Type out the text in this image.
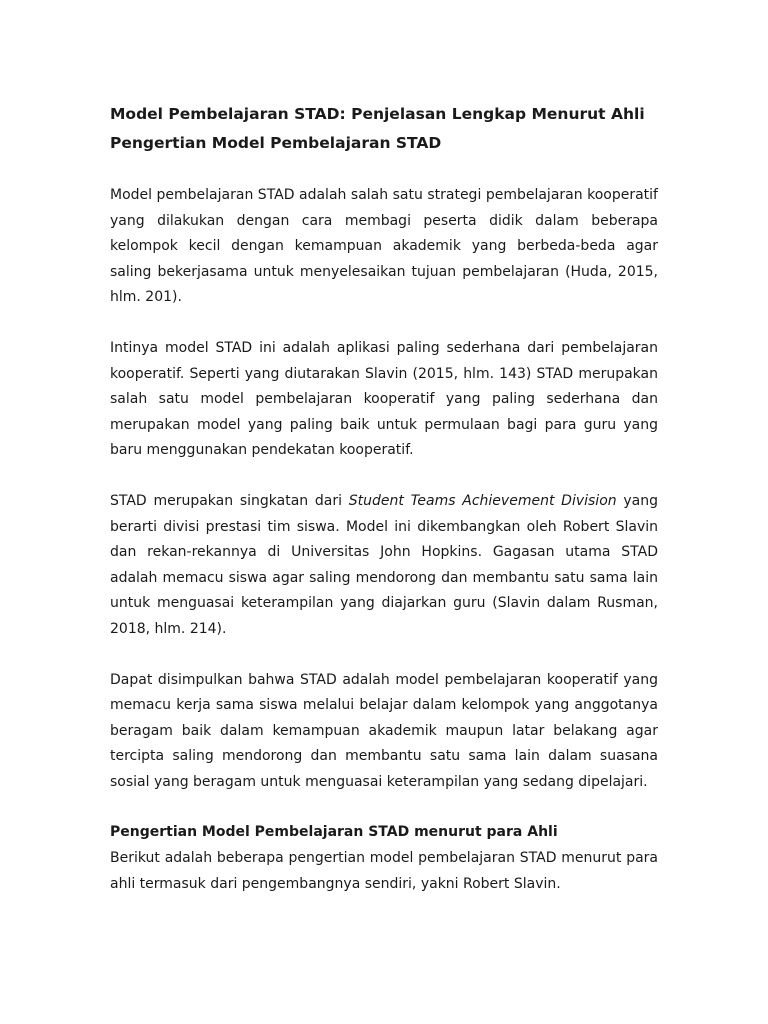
Model Pembelajaran STAD: Penjelasan Lengkap Menurut Ahli
Pengertian Model Pembelajaran STAD

Model pembelajaran STAD adalah salah satu strategi pembelajaran kooperatif yang dilakukan dengan cara membagi peserta didik dalam beberapa kelompok kecil dengan kemampuan akademik yang berbeda-beda agar saling bekerjasama untuk menyelesaikan tujuan pembelajaran (Huda, 2015, hlm. 201).

Intinya model STAD ini adalah aplikasi paling sederhana dari pembelajaran kooperatif. Seperti yang diutarakan Slavin (2015, hlm. 143) STAD merupakan salah satu model pembelajaran kooperatif yang paling sederhana dan merupakan model yang paling baik untuk permulaan bagi para guru yang baru menggunakan pendekatan kooperatif.

STAD merupakan singkatan dari Student Teams Achievement Division yang berarti divisi prestasi tim siswa. Model ini dikembangkan oleh Robert Slavin dan rekan-rekannya di Universitas John Hopkins. Gagasan utama STAD adalah memacu siswa agar saling mendorong dan membantu satu sama lain untuk menguasai keterampilan yang diajarkan guru (Slavin dalam Rusman, 2018, hlm. 214).

Dapat disimpulkan bahwa STAD adalah model pembelajaran kooperatif yang memacu kerja sama siswa melalui belajar dalam kelompok yang anggotanya beragam baik dalam kemampuan akademik maupun latar belakang agar tercipta saling mendorong dan membantu satu sama lain dalam suasana sosial yang beragam untuk menguasai keterampilan yang sedang dipelajari.

Pengertian Model Pembelajaran STAD menurut para Ahli

Berikut adalah beberapa pengertian model pembelajaran STAD menurut para ahli termasuk dari pengembangnya sendiri, yakni Robert Slavin.
